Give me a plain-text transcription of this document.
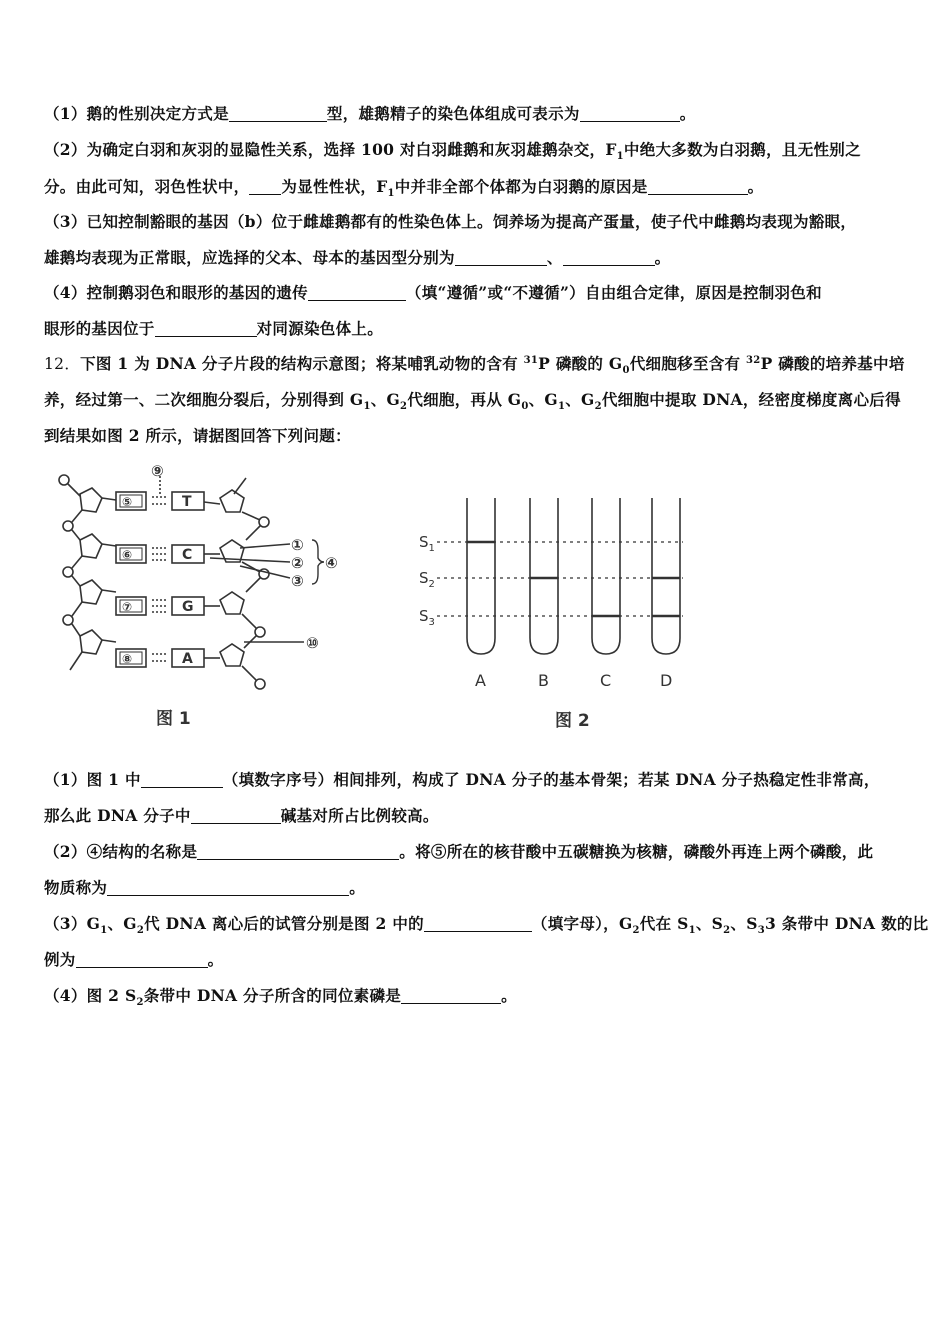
（1）鹅的性别决定方式是	型，雄鹅精子的染色体组成可表示为	。
（2）为确定白羽和灰羽的显隐性关系，选择 100 对白羽雌鹅和灰羽雄鹅杂交，$F_1$中绝大多数为白羽鹅，且无性别之
分。由此可知，羽色性状中， 为显性性状，$F_1$中并非全部个体都为白羽鹅的原因是	。
（3）已知控制豁眼的基因（b）位于雌雄鹅都有的性染色体上。饲养场为提高产蛋量，使子代中雌鹅均表现为豁眼，
雄鹅均表现为正常眼，应选择的父本、母本的基因型分别为	、	。
（4）控制鹅羽色和眼形的基因的遗传	（填“遵循”或“不遵循”）自由组合定律，原因是控制羽色和
眼形的基因位于	对同源染色体上。
12．下图 1 为 DNA 分子片段的结构示意图；将某哺乳动物的含有 $^{31}$P 磷酸的 $G_0$代细胞移至含有 $^{32}$P 磷酸的培养基中培
养，经过第一、二次细胞分裂后，分别得到 $G_1$、$G_2$代细胞，再从 $G_0$、$G_1$、$G_2$代细胞中提取 DNA，经密度梯度离心后得
到结果如图 2 所示，请据图回答下列问题：
T
C
G
A
⑤
⑥
⑦
⑧
⑨
①
②
③
④
⑩
图 1
$S_1$
$S_2$
$S_3$
A	B	C	D
图 2
（1）图 1 中	（填数字序号）相间排列，构成了 DNA 分子的基本骨架；若某 DNA 分子热稳定性非常高，
那么此 DNA 分子中	碱基对所占比例较高。
（2）④结构的名称是	。将⑤所在的核苷酸中五碳糖换为核糖，磷酸外再连上两个磷酸，此
物质称为	。
$(3)G_1$、$G_2$代 DNA 离心后的试管分别是图 2 中的	（填字母），$G_2$代在 $S_1$、$S_2$、$S_33$ 条带中 DNA 数的比
例为	。
（4）图 2 $S_2$条带中 DNA 分子所含的同位素磷是	。
